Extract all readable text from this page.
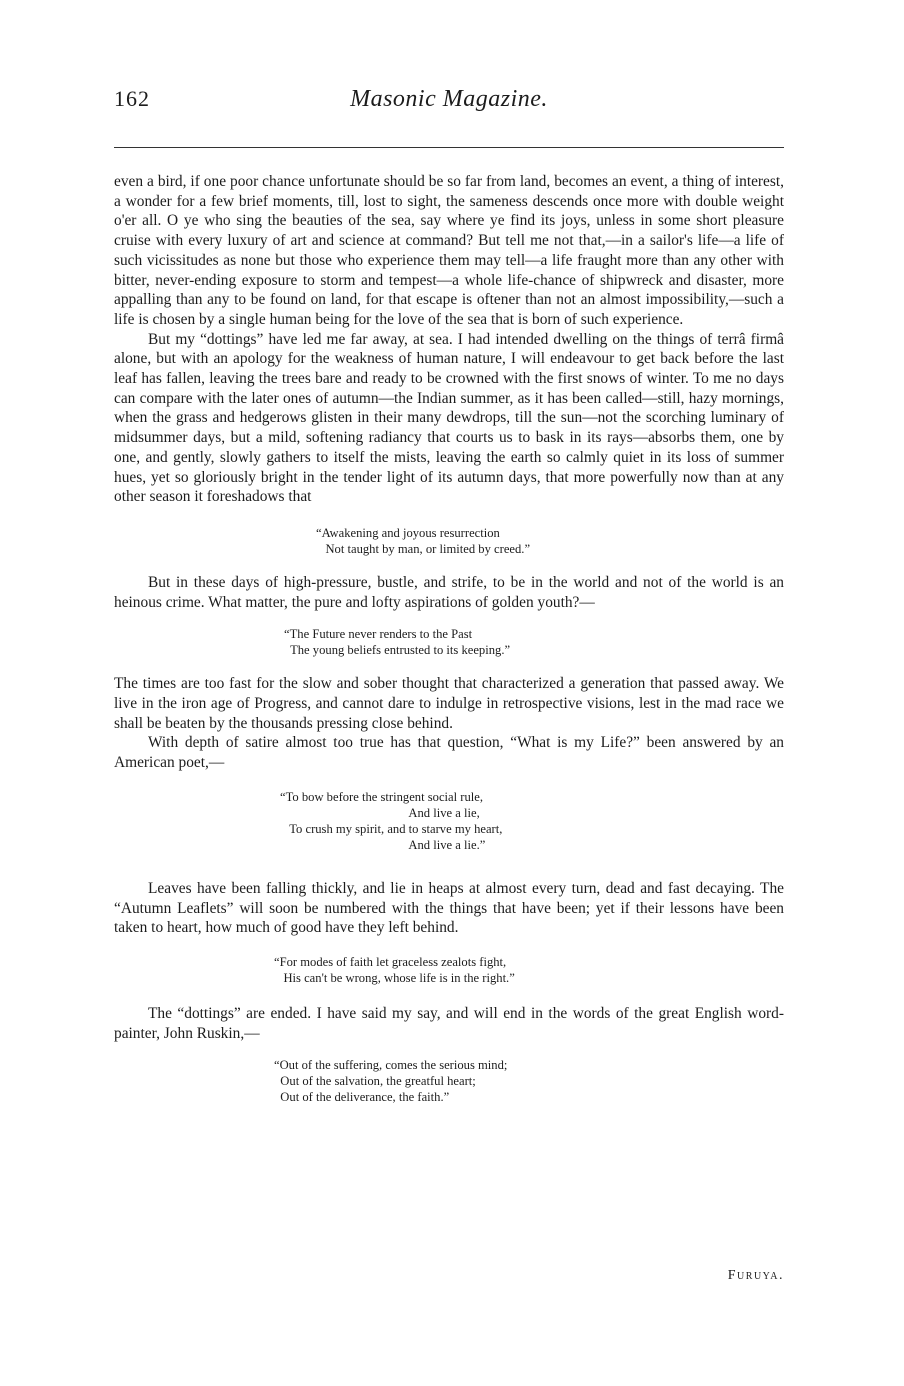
162	Masonic Magazine.

even a bird, if one poor chance unfortunate should be so far from land, becomes an event, a thing of interest, a wonder for a few brief moments, till, lost to sight, the sameness descends once more with double weight o'er all. O ye who sing the beauties of the sea, say where ye find its joys, unless in some short pleasure cruise with every luxury of art and science at command? But tell me not that,—in a sailor's life—a life of such vicissitudes as none but those who experience them may tell—a life fraught more than any other with bitter, never-ending exposure to storm and tempest—a whole life-chance of shipwreck and disaster, more appalling than any to be found on land, for that escape is oftener than not an almost impossibility,—such a life is chosen by a single human being for the love of the sea that is born of such experience.

But my “dottings” have led me far away, at sea. I had intended dwelling on the things of terrâ firmâ alone, but with an apology for the weakness of human nature, I will endeavour to get back before the last leaf has fallen, leaving the trees bare and ready to be crowned with the first snows of winter. To me no days can compare with the later ones of autumn—the Indian summer, as it has been called—still, hazy mornings, when the grass and hedgerows glisten in their many dewdrops, till the sun—not the scorching luminary of midsummer days, but a mild, softening radiancy that courts us to bask in its rays—absorbs them, one by one, and gently, slowly gathers to itself the mists, leaving the earth so calmly quiet in its loss of summer hues, yet so gloriously bright in the tender light of its autumn days, that more powerfully now than at any other season it foreshadows that

“Awakening and joyous resurrection
Not taught by man, or limited by creed.”

But in these days of high-pressure, bustle, and strife, to be in the world and not of the world is an heinous crime. What matter, the pure and lofty aspirations of golden youth?—

“The Future never renders to the Past
The young beliefs entrusted to its keeping.”

The times are too fast for the slow and sober thought that characterized a generation that passed away. We live in the iron age of Progress, and cannot dare to indulge in retrospective visions, lest in the mad race we shall be beaten by the thousands pressing close behind.

With depth of satire almost too true has that question, “What is my Life?” been answered by an American poet,—

“To bow before the stringent social rule,
And live a lie,
To crush my spirit, and to starve my heart,
And live a lie.”

Leaves have been falling thickly, and lie in heaps at almost every turn, dead and fast decaying. The “Autumn Leaflets” will soon be numbered with the things that have been; yet if their lessons have been taken to heart, how much of good have they left behind.

“For modes of faith let graceless zealots fight,
His can't be wrong, whose life is in the right.”

The “dottings” are ended. I have said my say, and will end in the words of the great English word-painter, John Ruskin,—

“Out of the suffering, comes the serious mind;
Out of the salvation, the greatful heart;
Out of the deliverance, the faith.”
Furuya.
